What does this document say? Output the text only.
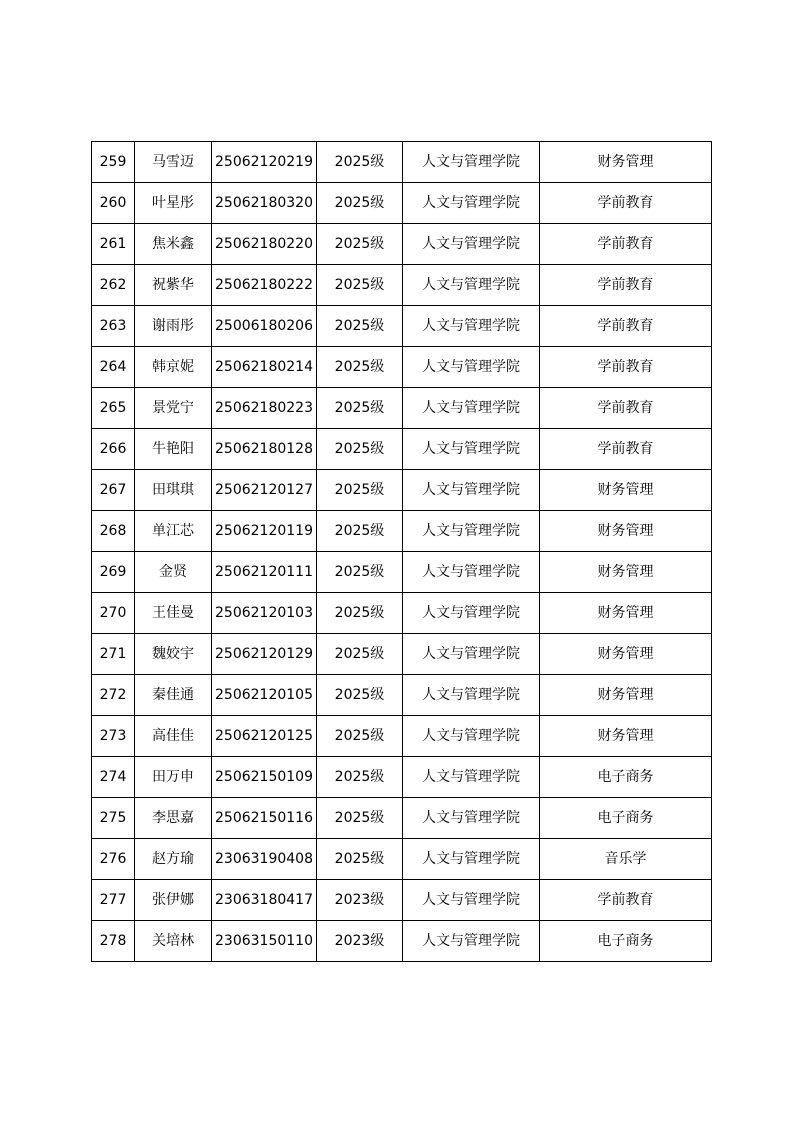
259	马雪迈	25062120219	2025级	人文与管理学院	财务管理
260	叶星彤	25062180320	2025级	人文与管理学院	学前教育
261	焦米鑫	25062180220	2025级	人文与管理学院	学前教育
262	祝紫华	25062180222	2025级	人文与管理学院	学前教育
263	谢雨彤	25006180206	2025级	人文与管理学院	学前教育
264	韩京妮	25062180214	2025级	人文与管理学院	学前教育
265	景党宁	25062180223	2025级	人文与管理学院	学前教育
266	牛艳阳	25062180128	2025级	人文与管理学院	学前教育
267	田琪琪	25062120127	2025级	人文与管理学院	财务管理
268	单江芯	25062120119	2025级	人文与管理学院	财务管理
269	金贤	25062120111	2025级	人文与管理学院	财务管理
270	王佳曼	25062120103	2025级	人文与管理学院	财务管理
271	魏姣宇	25062120129	2025级	人文与管理学院	财务管理
272	秦佳通	25062120105	2025级	人文与管理学院	财务管理
273	高佳佳	25062120125	2025级	人文与管理学院	财务管理
274	田万申	25062150109	2025级	人文与管理学院	电子商务
275	李思嘉	25062150116	2025级	人文与管理学院	电子商务
276	赵方瑜	23063190408	2025级	人文与管理学院	音乐学
277	张伊娜	23063180417	2023级	人文与管理学院	学前教育
278	关培林	23063150110	2023级	人文与管理学院	电子商务
